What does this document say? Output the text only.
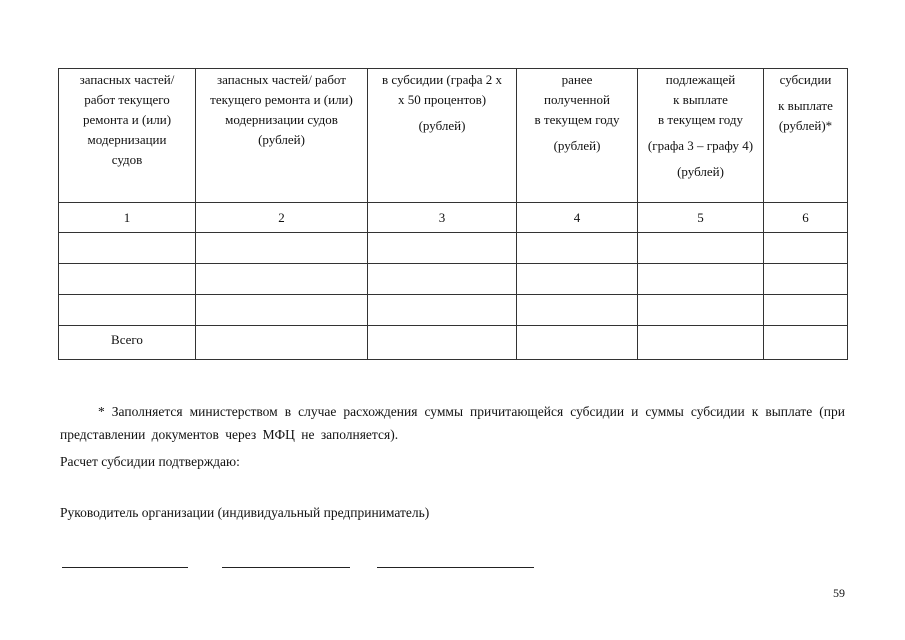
запасных частей/
работ текущего
ремонта и (или)
модернизации
судов	запасных частей/ работ
текущего ремонта и (или)
модернизации судов
(рублей)	в субсидии (графа 2 х
х 50 процентов)
(рублей)	ранее
полученной
в текущем году
(рублей)	подлежащей
к выплате
в текущем году
(графа 3 – графу 4)
(рублей)	субсидии
к выплате
(рублей)*

1	2	3	4	5	6

Всего					
* Заполняется министерством в случае расхождения суммы причитающейся субсидии и суммы субсидии к выплате (при представлении документов через МФЦ не заполняется).
Расчет субсидии подтверждаю:
Руководитель организации (индивидуальный предприниматель)
59
